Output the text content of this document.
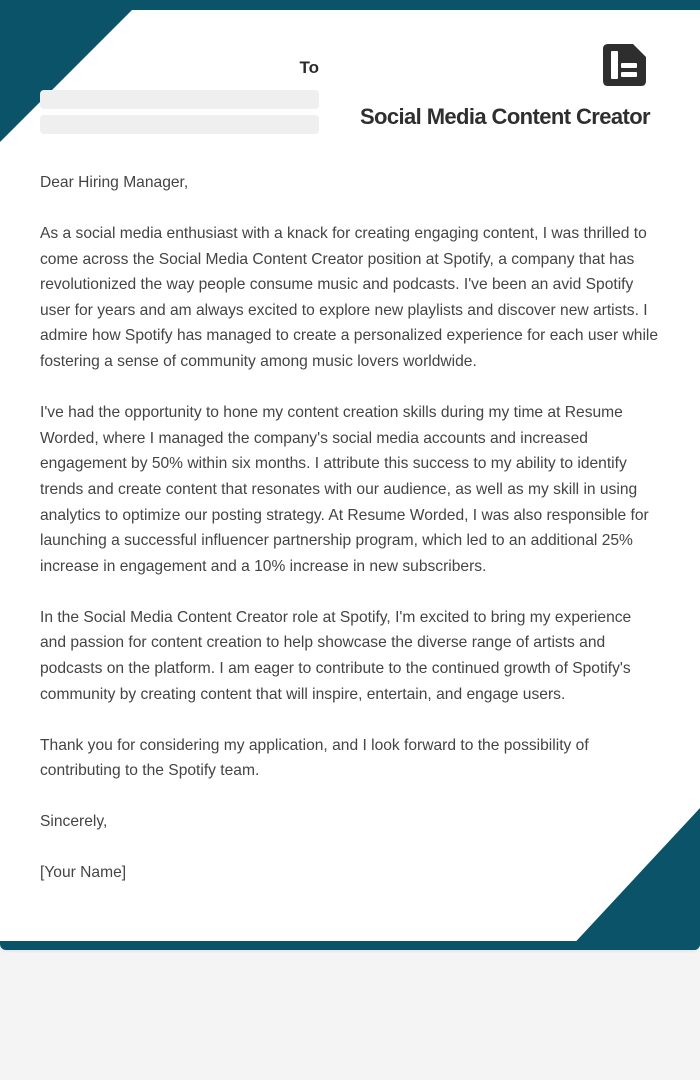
To
Social Media Content Creator

Dear Hiring Manager,

As a social media enthusiast with a knack for creating engaging content, I was thrilled to come across the Social Media Content Creator position at Spotify, a company that has revolutionized the way people consume music and podcasts. I've been an avid Spotify user for years and am always excited to explore new playlists and discover new artists. I admire how Spotify has managed to create a personalized experience for each user while fostering a sense of community among music lovers worldwide.

I've had the opportunity to hone my content creation skills during my time at Resume Worded, where I managed the company's social media accounts and increased engagement by 50% within six months. I attribute this success to my ability to identify trends and create content that resonates with our audience, as well as my skill in using analytics to optimize our posting strategy. At Resume Worded, I was also responsible for launching a successful influencer partnership program, which led to an additional 25% increase in engagement and a 10% increase in new subscribers.

In the Social Media Content Creator role at Spotify, I'm excited to bring my experience and passion for content creation to help showcase the diverse range of artists and podcasts on the platform. I am eager to contribute to the continued growth of Spotify's community by creating content that will inspire, entertain, and engage users.

Thank you for considering my application, and I look forward to the possibility of contributing to the Spotify team.

Sincerely,

[Your Name]
